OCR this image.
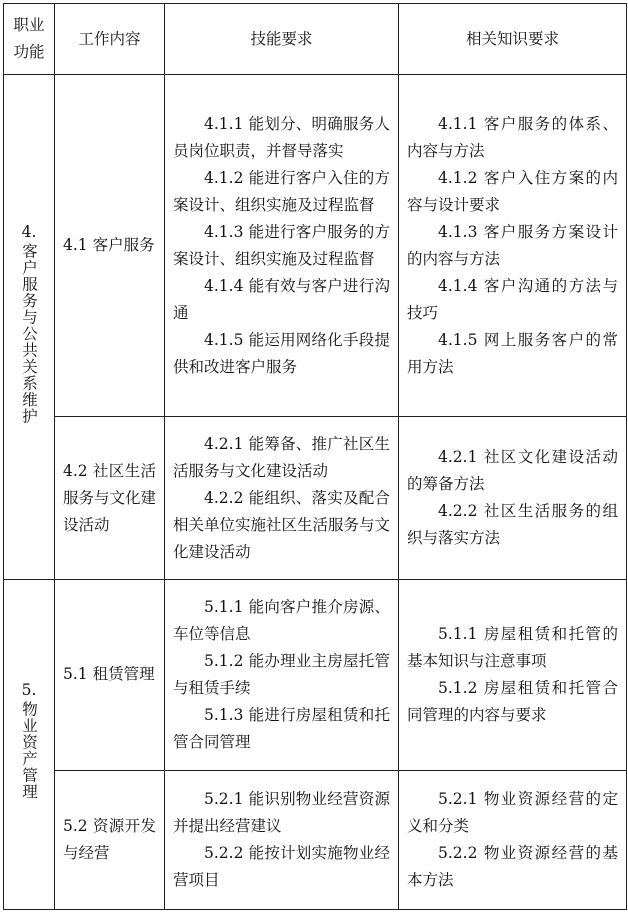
职业功能	工作内容	技能要求	相关知识要求

4.
客户服务与公共关系维护	4.1 客户服务	4.1.1 能划分、明确服务人员岗位职责，并督导落实
4.1.2 能进行客户入住的方案设计、组织实施及过程监督
4.1.3 能进行客户服务的方案设计、组织实施及过程监督
4.1.4 能有效与客户进行沟通
4.1.5 能运用网络化手段提供和改进客户服务	4.1.1 客户服务的体系、内容与方法
4.1.2 客户入住方案的内容与设计要求
4.1.3 客户服务方案设计的内容与方法
4.1.4 客户沟通的方法与技巧
4.1.5 网上服务客户的常用方法

	4.2 社区生活服务与文化建设活动	4.2.1 能筹备、推广社区生活服务与文化建设活动
4.2.2 能组织、落实及配合相关单位实施社区生活服务与文化建设活动	4.2.1 社区文化建设活动的筹备方法
4.2.2 社区生活服务的组织与落实方法

5.
物业资产管理	5.1 租赁管理	5.1.1 能向客户推介房源、车位等信息
5.1.2 能办理业主房屋托管与租赁手续
5.1.3 能进行房屋租赁和托管合同管理	5.1.1 房屋租赁和托管的基本知识与注意事项
5.1.2 房屋租赁和托管合同管理的内容与要求

	5.2 资源开发与经营	5.2.1 能识别物业经营资源并提出经营建议
5.2.2 能按计划实施物业经营项目	5.2.1 物业资源经营的定义和分类
5.2.2 物业资源经营的基本方法
